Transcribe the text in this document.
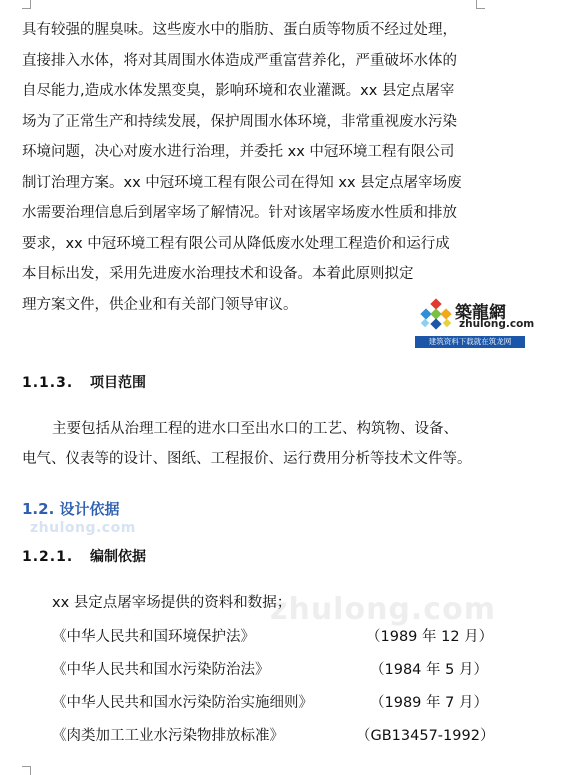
具有较强的腥臭味。这些废水中的脂肪、蛋白质等物质不经过处理，
直接排入水体，将对其周围水体造成严重富营养化，严重破坏水体的
自尽能力,造成水体发黑变臭，影响环境和农业灌溉。xx 县定点屠宰
场为了正常生产和持续发展，保护周围水体环境，非常重视废水污染
环境问题，决心对废水进行治理，并委托 xx 中冠环境工程有限公司
制订治理方案。xx 中冠环境工程有限公司在得知 xx 县定点屠宰场废
水需要治理信息后到屠宰场了解情况。针对该屠宰场废水性质和排放
要求，xx 中冠环境工程有限公司从降低废水处理工程造价和运行成
本目标出发，采用先进废水治理技术和设备。本着此原则拟定
理方案文件，供企业和有关部门领导审议。	築龍網
zhulong.com
建筑资料下载就在筑龙网
1.1.3. 项目范围
主要包括从治理工程的进水口至出水口的工艺、构筑物、设备、
电气、仪表等的设计、图纸、工程报价、运行费用分析等技术文件等。
1.2. 设计依据
zhulong.com
1.2.1. 编制依据
zhulong.com
xx 县定点屠宰场提供的资料和数据；
《中华人民共和国环境保护法》	（1989 年 12 月）
《中华人民共和国水污染防治法》	（1984 年 5 月）
《中华人民共和国水污染防治实施细则》	（1989 年 7 月）
《肉类加工工业水污染物排放标准》	（GB13457-1992）
